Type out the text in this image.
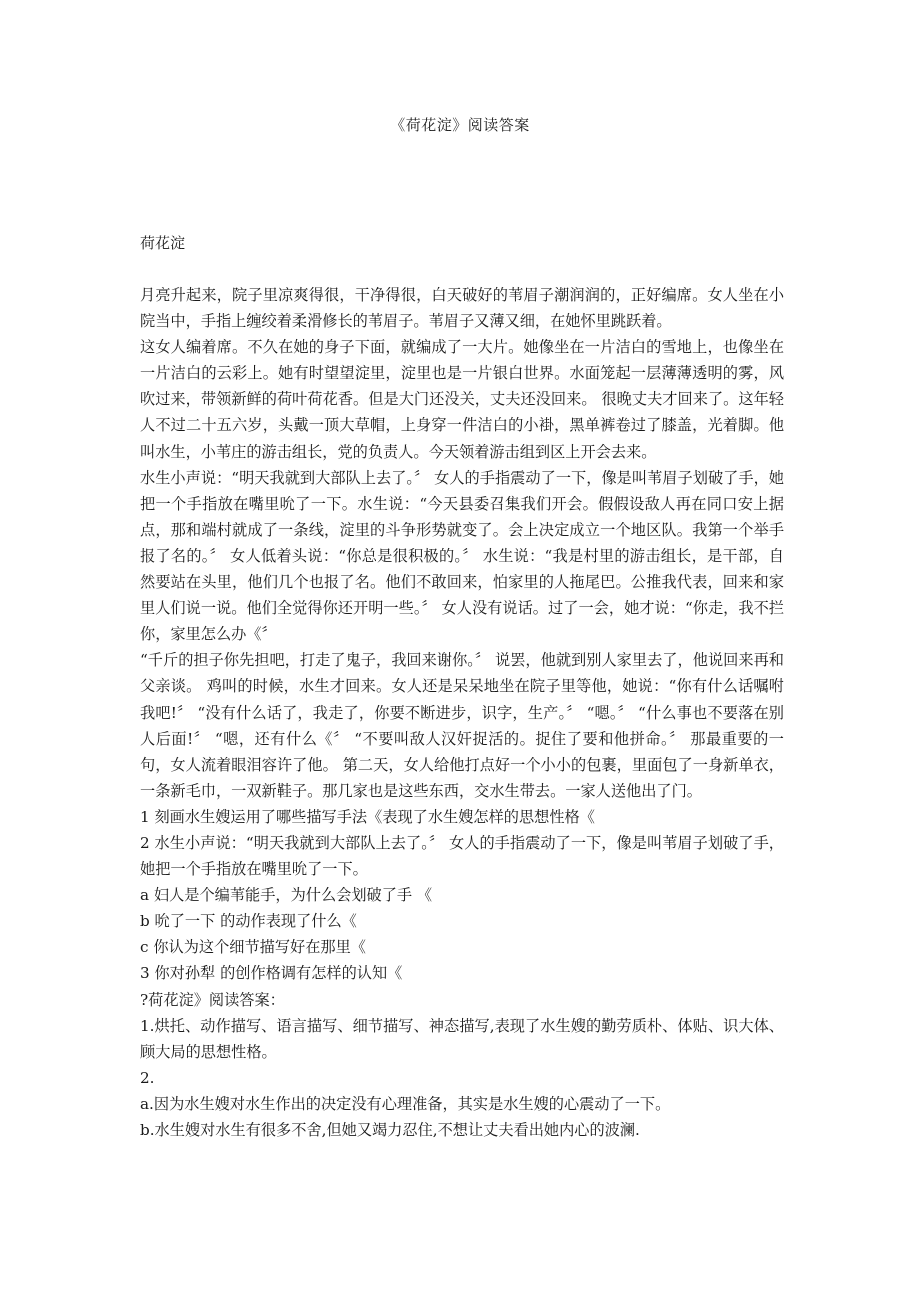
《荷花淀》阅读答案
荷花淀

月亮升起来，院子里凉爽得很，干净得很，白天破好的苇眉子潮润润的，正好编席。女人坐在小院当中，手指上缠绞着柔滑修长的苇眉子。苇眉子又薄又细，在她怀里跳跃着。

这女人编着席。不久在她的身子下面，就编成了一大片。她像坐在一片洁白的雪地上，也像坐在一片洁白的云彩上。她有时望望淀里，淀里也是一片银白世界。水面笼起一层薄薄透明的雾，风吹过来，带领新鲜的荷叶荷花香。但是大门还没关，丈夫还没回来。 很晚丈夫才回来了。这年轻人不过二十五六岁，头戴一顶大草帽，上身穿一件洁白的小褂，黑单裤卷过了膝盖，光着脚。他叫水生，小苇庄的游击组长，党的负责人。今天领着游击组到区上开会去来。

水生小声说：“明天我就到大部队上去了。〞 女人的手指震动了一下，像是叫苇眉子划破了手，她把一个手指放在嘴里吮了一下。水生说：“今天县委召集我们开会。假假设敌人再在同口安上据点，那和端村就成了一条线，淀里的斗争形势就变了。会上决定成立一个地区队。我第一个举手报了名的。〞 女人低着头说：“你总是很积极的。〞 水生说：“我是村里的游击组长，是干部，自然要站在头里，他们几个也报了名。他们不敢回来，怕家里的人拖尾巴。公推我代表，回来和家里人们说一说。他们全觉得你还开明一些。〞 女人没有说话。过了一会，她才说：“你走，我不拦你，家里怎么办《〞

“千斤的担子你先担吧，打走了鬼子，我回来谢你。〞 说罢，他就到别人家里去了，他说回来再和父亲谈。 鸡叫的时候，水生才回来。女人还是呆呆地坐在院子里等他，她说：“你有什么话嘱咐我吧!〞 “没有什么话了，我走了，你要不断进步，识字，生产。〞 “嗯。〞 “什么事也不要落在别人后面!〞 “嗯，还有什么《〞 “不要叫敌人汉奸捉活的。捉住了要和他拼命。〞 那最重要的一句，女人流着眼泪容许了他。 第二天，女人给他打点好一个小小的包裹，里面包了一身新单衣，一条新毛巾，一双新鞋子。那几家也是这些东西，交水生带去。一家人送他出了门。

1 刻画水生嫂运用了哪些描写手法《表现了水生嫂怎样的思想性格《

2 水生小声说：“明天我就到大部队上去了。〞 女人的手指震动了一下，像是叫苇眉子划破了手，她把一个手指放在嘴里吮了一下。

a 妇人是个编苇能手，为什么会划破了手 《

b 吮了一下 的动作表现了什么《

c 你认为这个细节描写好在那里《

3 你对孙犁 的创作格调有怎样的认知《

?荷花淀》阅读答案：

1.烘托、动作描写、语言描写、细节描写、神态描写,表现了水生嫂的勤劳质朴、体贴、识大体、顾大局的思想性格。

2.

a.因为水生嫂对水生作出的决定没有心理准备，其实是水生嫂的心震动了一下。

b.水生嫂对水生有很多不舍,但她又竭力忍住,不想让丈夫看出她内心的波澜.
